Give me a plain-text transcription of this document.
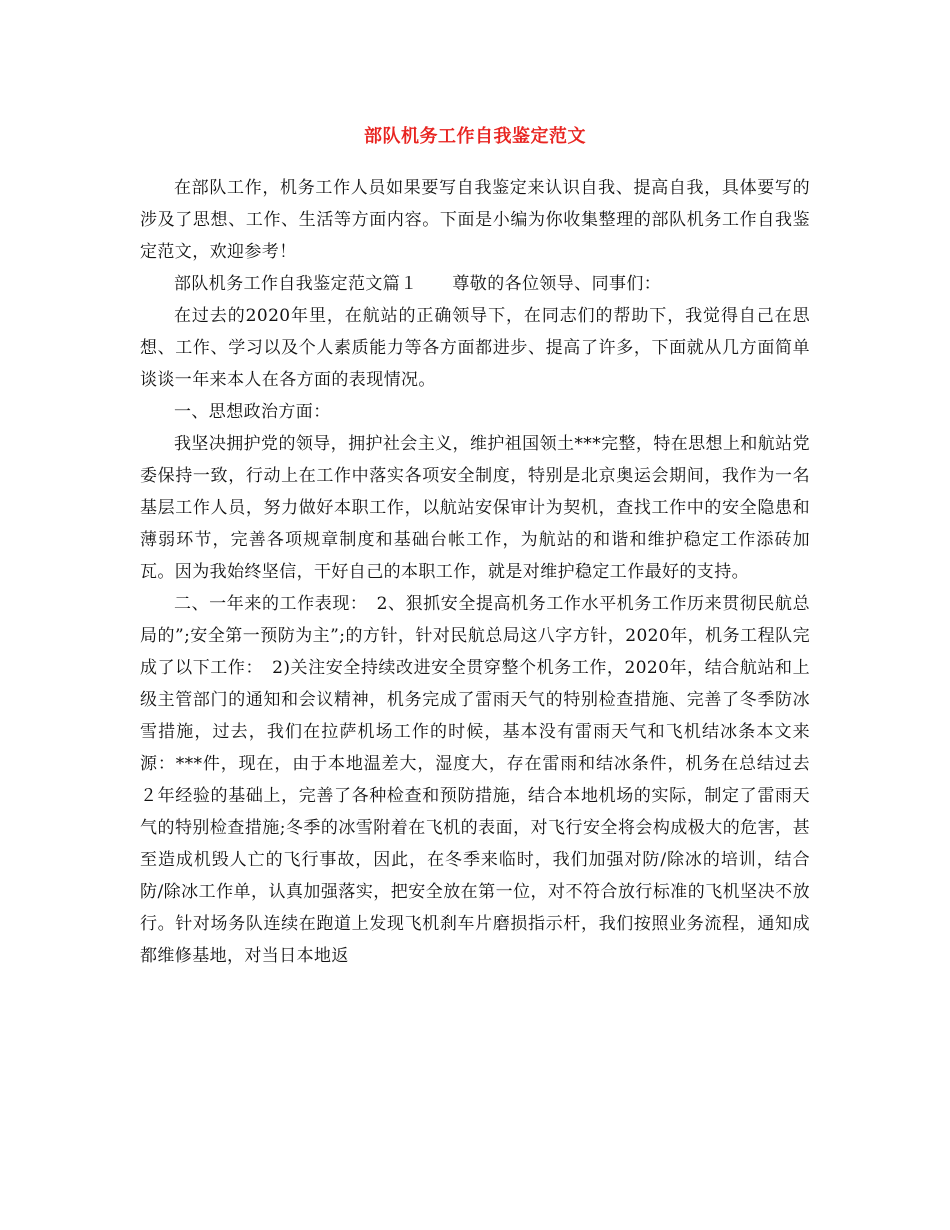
部队机务工作自我鉴定范文

在部队工作，机务工作人员如果要写自我鉴定来认识自我、提高自我，具体要写的涉及了思想、工作、生活等方面内容。下面是小编为你收集整理的部队机务工作自我鉴定范文，欢迎参考！

部队机务工作自我鉴定范文篇１　　尊敬的各位领导、同事们：

在过去的2020年里，在航站的正确领导下，在同志们的帮助下，我觉得自己在思想、工作、学习以及个人素质能力等各方面都进步、提高了许多，下面就从几方面简单谈谈一年来本人在各方面的表现情况。

一、思想政治方面：

我坚决拥护党的领导，拥护社会主义，维护祖国领土***完整，特在思想上和航站党委保持一致，行动上在工作中落实各项安全制度，特别是北京奥运会期间，我作为一名基层工作人员，努力做好本职工作，以航站安保审计为契机，查找工作中的安全隐患和薄弱环节，完善各项规章制度和基础台帐工作，为航站的和谐和维护稳定工作添砖加瓦。因为我始终坚信，干好自己的本职工作，就是对维护稳定工作最好的支持。

二、一年来的工作表现：　2、狠抓安全提高机务工作水平机务工作历来贯彻民航总局的”;安全第一预防为主”;的方针，针对民航总局这八字方针，2020年，机务工程队完成了以下工作：　2)关注安全持续改进安全贯穿整个机务工作，2020年，结合航站和上级主管部门的通知和会议精神，机务完成了雷雨天气的特别检查措施、完善了冬季防冰雪措施，过去，我们在拉萨机场工作的时候，基本没有雷雨天气和飞机结冰条本文来源：***件，现在，由于本地温差大，湿度大，存在雷雨和结冰条件，机务在总结过去２年经验的基础上，完善了各种检查和预防措施，结合本地机场的实际，制定了雷雨天气的特别检查措施;冬季的冰雪附着在飞机的表面，对飞行安全将会构成极大的危害，甚至造成机毁人亡的飞行事故，因此，在冬季来临时，我们加强对防/除冰的培训，结合防/除冰工作单，认真加强落实，把安全放在第一位，对不符合放行标准的飞机坚决不放行。针对场务队连续在跑道上发现飞机刹车片磨损指示杆，我们按照业务流程，通知成都维修基地，对当日本地返
